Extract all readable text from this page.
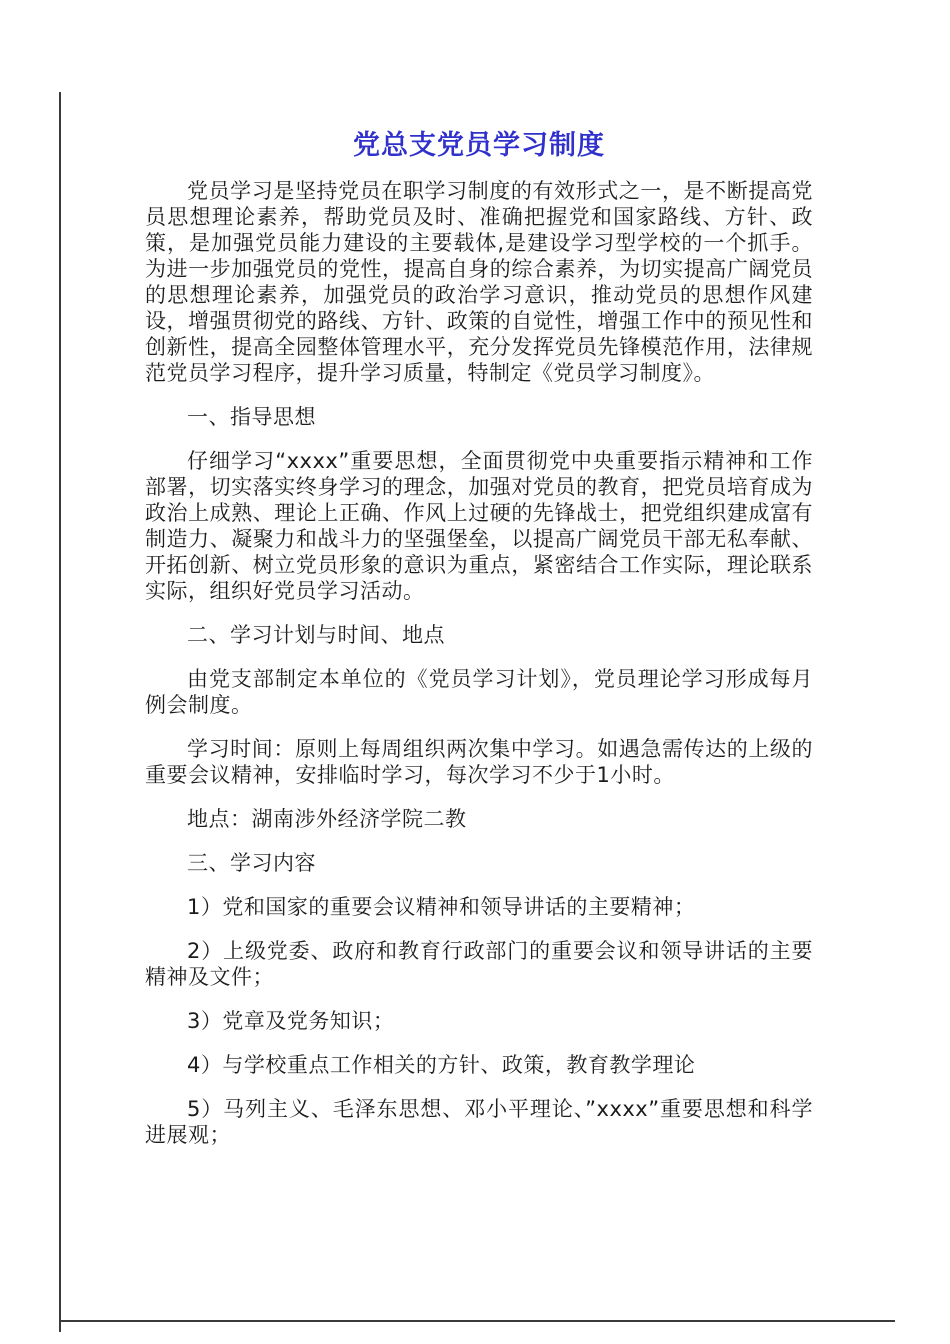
党总支党员学习制度

党员学习是坚持党员在职学习制度的有效形式之一，是不断提高党员思想理论素养，帮助党员及时、准确把握党和国家路线、方针、政策，是加强党员能力建设的主要载体,是建设学习型学校的一个抓手。为进一步加强党员的党性，提高自身的综合素养，为切实提高广阔党员的思想理论素养，加强党员的政治学习意识，推动党员的思想作风建设，增强贯彻党的路线、方针、政策的自觉性，增强工作中的预见性和创新性，提高全园整体管理水平，充分发挥党员先锋模范作用，法律规范党员学习程序，提升学习质量，特制定《党员学习制度》。

一、指导思想

仔细学习“xxxx”重要思想，全面贯彻党中央重要指示精神和工作部署，切实落实终身学习的理念，加强对党员的教育，把党员培育成为政治上成熟、理论上正确、作风上过硬的先锋战士，把党组织建成富有制造力、凝聚力和战斗力的坚强堡垒，以提高广阔党员干部无私奉献、开拓创新、树立党员形象的意识为重点，紧密结合工作实际，理论联系实际，组织好党员学习活动。

二、学习计划与时间、地点

由党支部制定本单位的《党员学习计划》，党员理论学习形成每月例会制度。

学习时间：原则上每周组织两次集中学习。如遇急需传达的上级的重要会议精神，安排临时学习，每次学习不少于1小时。

地点：湖南涉外经济学院二教

三、学习内容

1）党和国家的重要会议精神和领导讲话的主要精神；

2）上级党委、政府和教育行政部门的重要会议和领导讲话的主要精神及文件；

3）党章及党务知识；

4）与学校重点工作相关的方针、政策，教育教学理论

5）马列主义、毛泽东思想、邓小平理论、”xxxx”重要思想和科学进展观；
